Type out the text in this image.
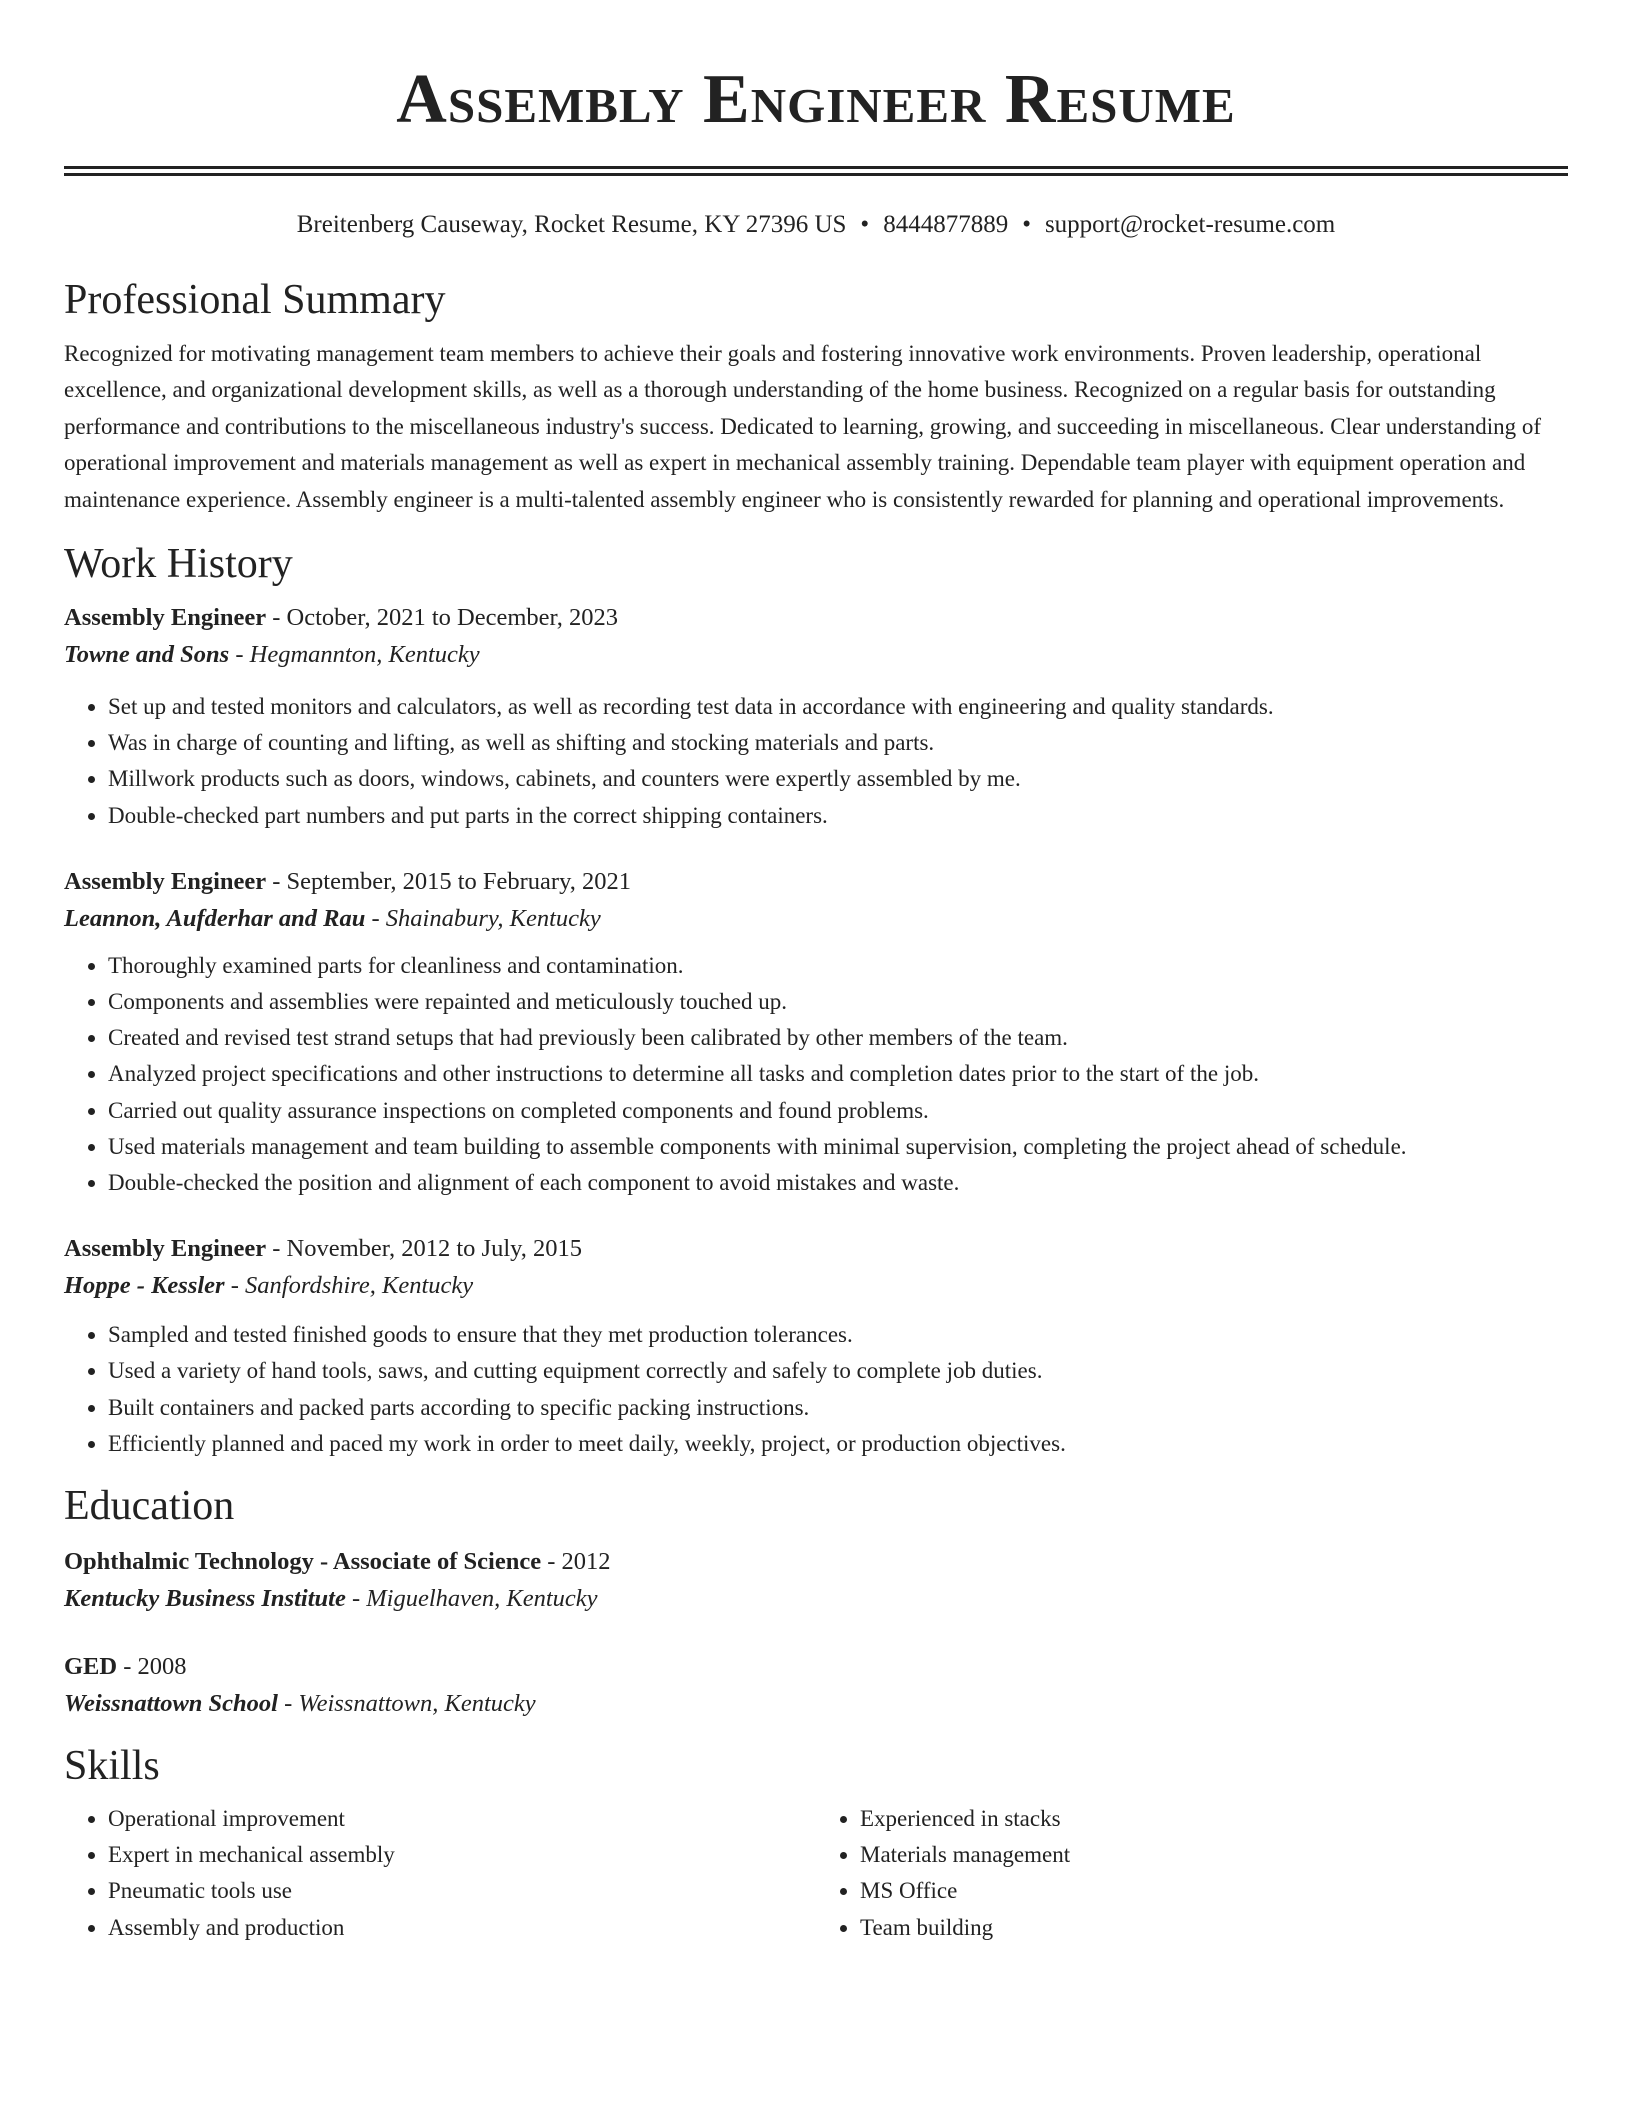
Assembly Engineer Resume
Breitenberg Causeway, Rocket Resume, KY 27396 US • 8444877889 • support@rocket-resume.com
Professional Summary

Recognized for motivating management team members to achieve their goals and fostering innovative work environments. Proven leadership, operational excellence, and organizational development skills, as well as a thorough understanding of the home business. Recognized on a regular basis for outstanding performance and contributions to the miscellaneous industry's success. Dedicated to learning, growing, and succeeding in miscellaneous. Clear understanding of operational improvement and materials management as well as expert in mechanical assembly training. Dependable team player with equipment operation and maintenance experience. Assembly engineer is a multi-talented assembly engineer who is consistently rewarded for planning and operational improvements.

Work History

Assembly Engineer - October, 2021 to December, 2023

Towne and Sons - Hegmannton, Kentucky

• Set up and tested monitors and calculators, as well as recording test data in accordance with engineering and quality standards.
• Was in charge of counting and lifting, as well as shifting and stocking materials and parts.
• Millwork products such as doors, windows, cabinets, and counters were expertly assembled by me.
• Double-checked part numbers and put parts in the correct shipping containers.

Assembly Engineer - September, 2015 to February, 2021

Leannon, Aufderhar and Rau - Shainabury, Kentucky

• Thoroughly examined parts for cleanliness and contamination.
• Components and assemblies were repainted and meticulously touched up.
• Created and revised test strand setups that had previously been calibrated by other members of the team.
• Analyzed project specifications and other instructions to determine all tasks and completion dates prior to the start of the job.
• Carried out quality assurance inspections on completed components and found problems.
• Used materials management and team building to assemble components with minimal supervision, completing the project ahead of schedule.
• Double-checked the position and alignment of each component to avoid mistakes and waste.

Assembly Engineer - November, 2012 to July, 2015

Hoppe - Kessler - Sanfordshire, Kentucky

• Sampled and tested finished goods to ensure that they met production tolerances.
• Used a variety of hand tools, saws, and cutting equipment correctly and safely to complete job duties.
• Built containers and packed parts according to specific packing instructions.
• Efficiently planned and paced my work in order to meet daily, weekly, project, or production objectives.
Education

Ophthalmic Technology - Associate of Science - 2012

Kentucky Business Institute - Miguelhaven, Kentucky

GED - 2008

Weissnattown School - Weissnattown, Kentucky

Skills
• Operational improvement
• Expert in mechanical assembly
• Pneumatic tools use
• Assembly and production
• Experienced in stacks
• Materials management
• MS Office
• Team building
